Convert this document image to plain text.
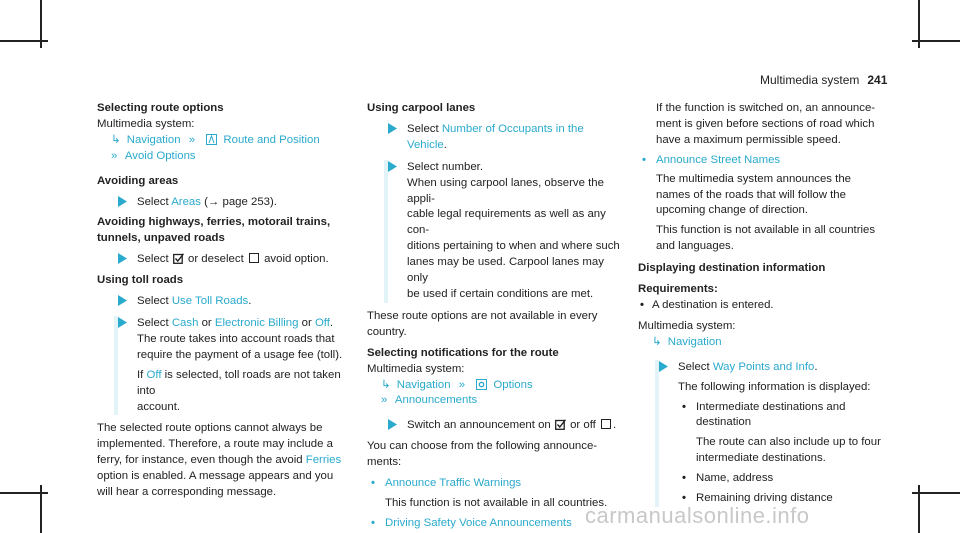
Multimedia system 241
Selecting route options
Multimedia system:
↳ Navigation » Route and Position
» Avoid Options
Avoiding areas
Select Areas (→ page 253).
Avoiding highways, ferries, motorail trains,
tunnels, unpaved roads
Select or deselect avoid option.
Using toll roads
Select Use Toll Roads.
Select Cash or Electronic Billing or Off.
The route takes into account roads that
require the payment of a usage fee (toll).
If Off is selected, toll roads are not taken into
account.
The selected route options cannot always be
implemented. Therefore, a route may include a
ferry, for instance, even though the avoid Ferries
option is enabled. A message appears and you
will hear a corresponding message.
Using carpool lanes
Select Number of Occupants in the Vehicle.
Select number.
When using carpool lanes, observe the appli-
cable legal requirements as well as any con-
ditions pertaining to when and where such
lanes may be used. Carpool lanes may only
be used if certain conditions are met.
These route options are not available in every
country.
Selecting notifications for the route
Multimedia system:
↳ Navigation » Options
» Announcements
Switch an announcement on or off .
You can choose from the following announce-
ments:
• Announce Traffic Warnings
This function is not available in all countries.
• Driving Safety Voice Announcements
If the function is switched on, an announce-
ment is given before sections of road which
have a maximum permissible speed.
• Announce Street Names
The multimedia system announces the
names of the roads that will follow the
upcoming change of direction.
This function is not available in all countries
and languages.
Displaying destination information
Requirements:
• A destination is entered.
Multimedia system:
↳ Navigation
Select Way Points and Info.
The following information is displayed:
• Intermediate destinations and destination
The route can also include up to four
intermediate destinations.
• Name, address
• Remaining driving distance
carmanualsonline.info
